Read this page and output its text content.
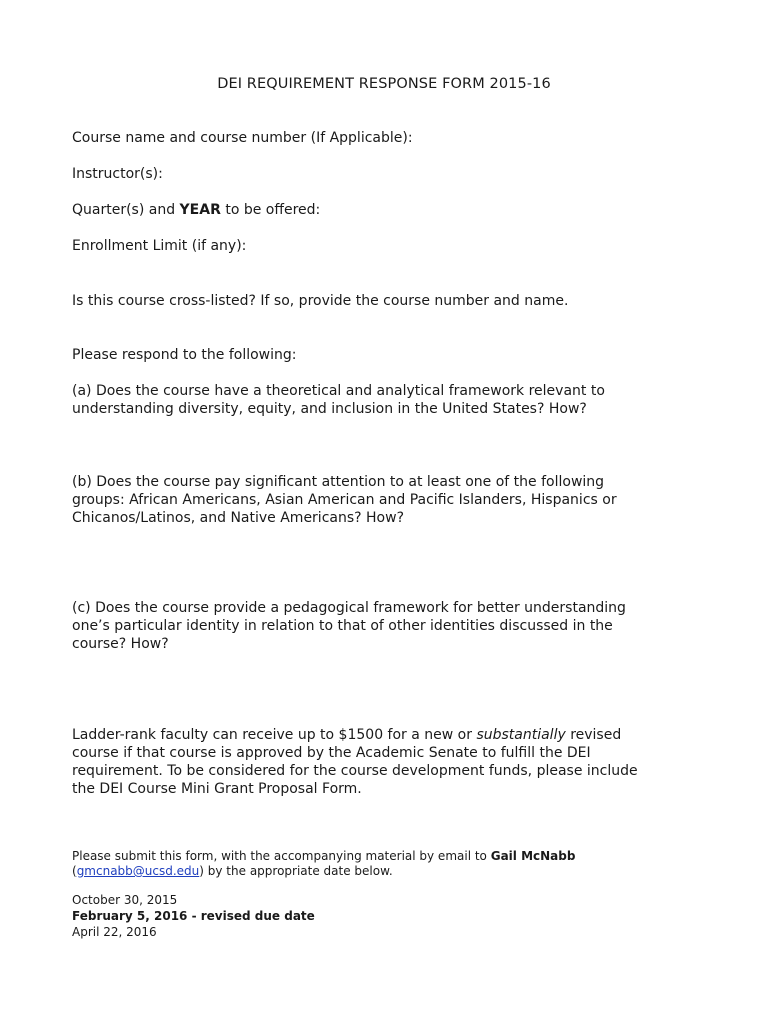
DEI REQUIREMENT RESPONSE FORM 2015-16
Course name and course number (If Applicable):
Instructor(s):
Quarter(s) and YEAR to be offered:
Enrollment Limit (if any):
Is this course cross-listed? If so, provide the course number and name.
Please respond to the following:
(a) Does the course have a theoretical and analytical framework relevant to
understanding diversity, equity, and inclusion in the United States? How?
(b) Does the course pay significant attention to at least one of the following
groups: African Americans, Asian American and Pacific Islanders, Hispanics or
Chicanos/Latinos, and Native Americans? How?
(c) Does the course provide a pedagogical framework for better understanding
one’s particular identity in relation to that of other identities discussed in the
course? How?
Ladder-rank faculty can receive up to $1500 for a new or substantially revised
course if that course is approved by the Academic Senate to fulfill the DEI
requirement. To be considered for the course development funds, please include
the DEI Course Mini Grant Proposal Form.
Please submit this form, with the accompanying material by email to Gail McNabb
(gmcnabb@ucsd.edu) by the appropriate date below.
October 30, 2015
February 5, 2016 - revised due date
April 22, 2016
